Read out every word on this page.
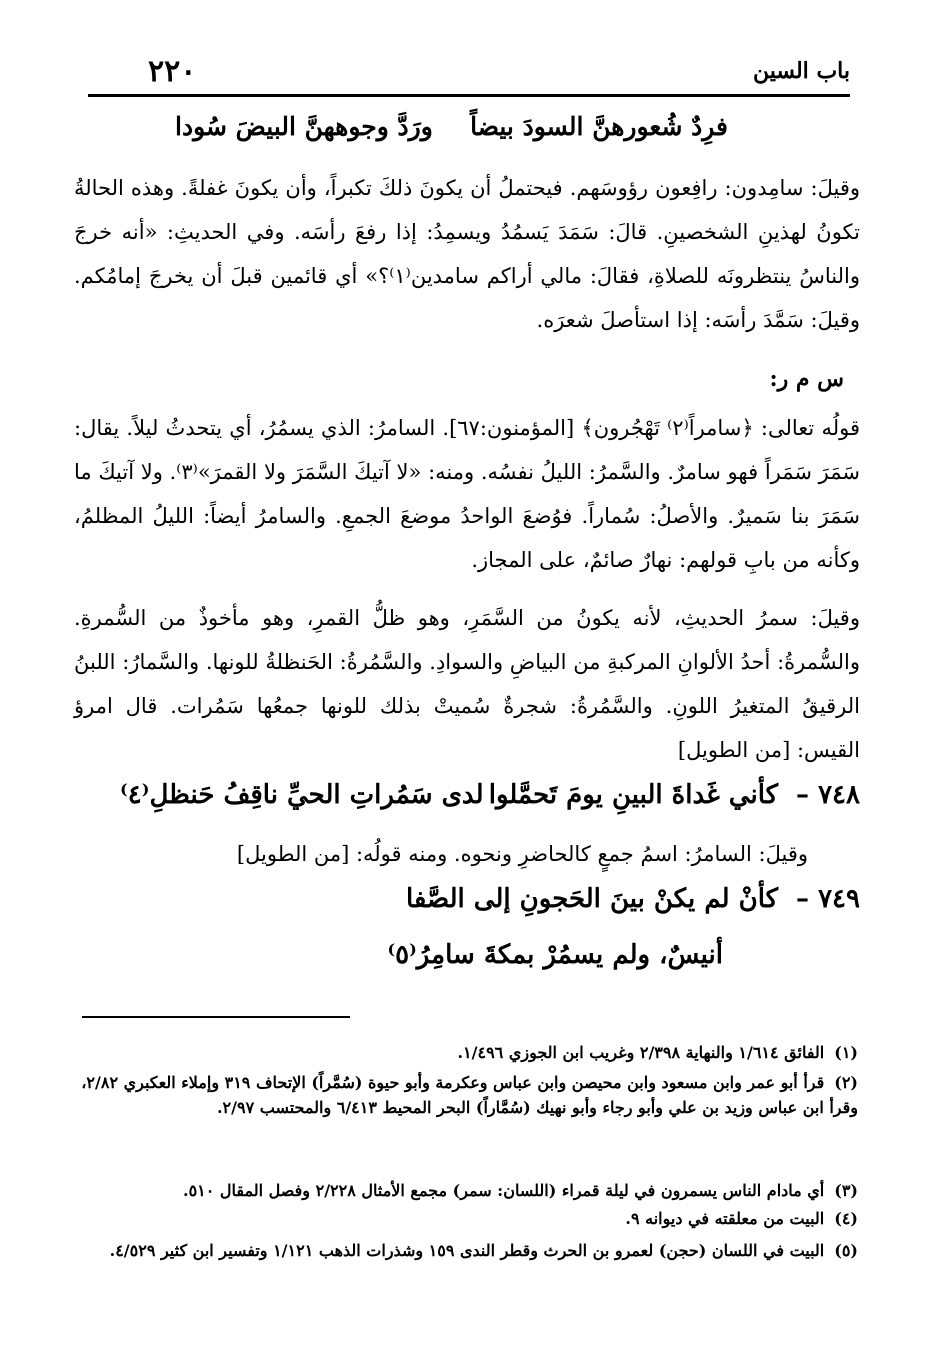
باب السين
٢٢٠
فرِدٌ شُعورهنَّ السودَ بيضاً
ورَدَّ وجوههنَّ البيضَ سُودا
وقيلَ: سامِدون: رافِعون رؤوسَهم. فيحتملُ أن يكونَ ذلكَ تكبراً، وأن يكونَ غفلةً. وهذه الحالةُ تكونُ لهذينِ الشخصينِ. قالَ: سَمَدَ يَسمُدُ ويسمِدُ: إذا رفعَ رأسَه. وفي الحديثِ: «أنه خرجَ والناسُ ينتظرونَه للصلاةِ، فقالَ: مالي أراكم سامدين⁽١⁾؟» أي قائمين قبلَ أن يخرجَ إمامُكم. وقيلَ: سَمَّدَ رأسَه: إذا استأصلَ شعرَه.
س م ر:
قولُه تعالى: ﴿سامراً⁽٢⁾ تَهْجُرون﴾ [المؤمنون:٦٧]. السامرُ: الذي يسمُرُ، أي يتحدثُ ليلاً. يقال: سَمَرَ سَمَراً فهو سامرٌ. والسَّمرُ: الليلُ نفسُه. ومنه: «لا آتيكَ السَّمَرَ ولا القمرَ»⁽٣⁾. ولا آتيكَ ما سَمَرَ بنا سَميرٌ. والأصلُ: سُماراً. فوُضعَ الواحدُ موضعَ الجمعِ. والسامرُ أيضاً: الليلُ المظلمُ، وكأنه من بابِ قولهم: نهارٌ صائمٌ، على المجاز.
وقيلَ: سمرُ الحديثِ، لأنه يكونُ من السَّمَرِ، وهو ظلُّ القمرِ، وهو مأخوذٌ من السُّمرةِ. والسُّمرةُ: أحدُ الألوانِ المركبةِ من البياضِ والسوادِ. والسَّمُرةُ: الحَنظلةُ للونها. والسَّمارُ: اللبنُ الرقيقُ المتغيرُ اللونِ. والسَّمُرةُ: شجرةٌ سُميتْ بذلك للونها جمعُها سَمُرات. قال امرؤ القيس: [من الطويل]
٧٤٨ –
كأني غَداةَ البينِ يومَ تَحمَّلوا
لدى سَمُراتِ الحيِّ ناقِفُ حَنظلِ⁽٤⁾
وقيلَ: السامرُ: اسمُ جمعٍ كالحاضرِ ونحوه. ومنه قولُه: [من الطويل]
٧٤٩ –
كأنْ لم يكنْ بينَ الحَجونِ إلى الصَّفا
أنيسٌ، ولم يسمُرْ بمكةَ سامِرُ⁽٥⁾
(١)الفائق ١/٦١٤ والنهاية ٢/٣٩٨ وغريب ابن الجوزي ١/٤٩٦.
(٢)قرأ أبو عمر وابن مسعود وابن محيصن وابن عباس وعكرمة وأبو حيوة (سُمَّراً) الإتحاف ٣١٩ وإملاء العكبري ٢/٨٢، وقرأ ابن عباس وزيد بن علي وأبو رجاء وأبو نهيك (سُمَّاراً) البحر المحيط ٦/٤١٣ والمحتسب ٢/٩٧.
(٣)أي مادام الناس يسمرون في ليلة قمراء (اللسان: سمر) مجمع الأمثال ٢/٢٢٨ وفصل المقال ٥١٠.
(٤)البيت من معلقته في ديوانه ٩.
(٥)البيت في اللسان (حجن) لعمرو بن الحرث وقطر الندى ١٥٩ وشذرات الذهب ١/١٢١ وتفسير ابن كثير ٤/٥٢٩.
